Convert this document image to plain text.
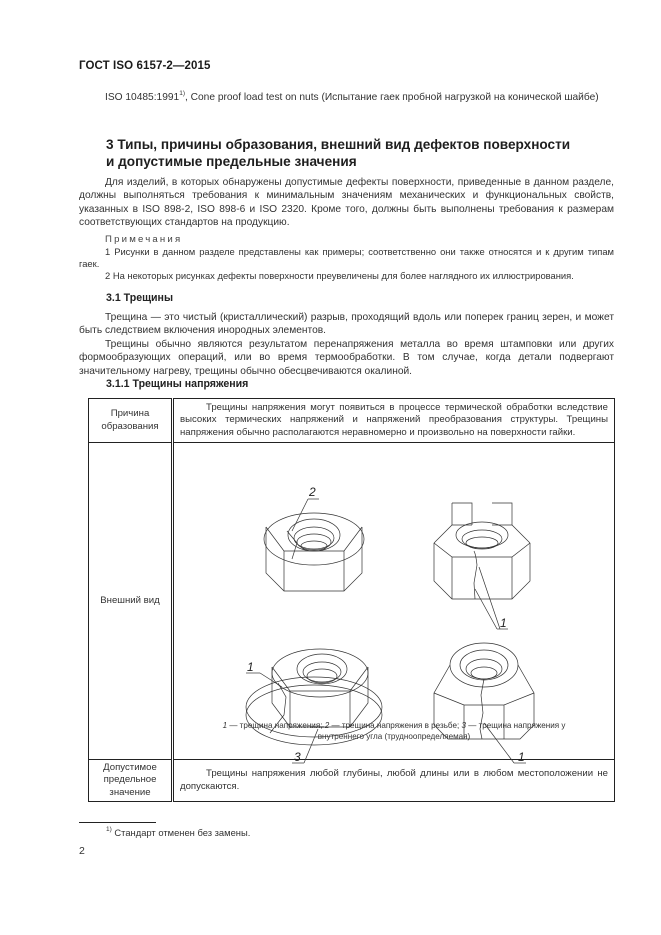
ГОСТ ISO 6157-2—2015
ISO 10485:1991$^{1)}$, Cone proof load test on nuts (Испытание гаек пробной нагрузкой на конической шайбе)
3 Типы, причины образования, внешний вид дефектов поверхности
и допустимые предельные значения
Для изделий, в которых обнаружены допустимые дефекты поверхности, приведенные в данном разделе, должны выполняться требования к минимальным значениям механических и функциональных свойств, указанных в ISO 898-2, ISO 898-6 и ISO 2320. Кроме того, должны быть выполнены требования к размерам соответствующих стандартов на продукцию.
Примечания
1 Рисунки в данном разделе представлены как примеры; соответственно они также относятся и к другим типам гаек.
2 На некоторых рисунках дефекты поверхности преувеличены для более наглядного их иллюстрирования.
3.1 Трещины
Трещина — это чистый (кристаллический) разрыв, проходящий вдоль или поперек границ зерен, и может быть следствием включения инородных элементов.
Трещины обычно являются результатом перенапряжения металла во время штамповки или других формообразующих операций, или во время термообработки. В том случае, когда детали подвергают значительному нагреву, трещины обычно обесцвечиваются окалиной.
3.1.1 Трещины напряжения
Причина образования	Трещины напряжения могут появиться в процессе термической обработки вследствие высоких термических напряжений и напряжений преобразования структуры. Трещины напряжения обычно располагаются неравномерно и произвольно на поверхности гайки.
Внешний вид	
2
1
1
3	1
1 — трещина напряжения; 2 — трещина напряжения в резьбе; 3 — трещина напряжения у внутреннего угла (трудноопределяемая)

Допустимое предельное значение	Трещины напряжения любой глубины, любой длины или в любом местоположении не допускаются.
$^{1)}$ Стандарт отменен без замены.
2
